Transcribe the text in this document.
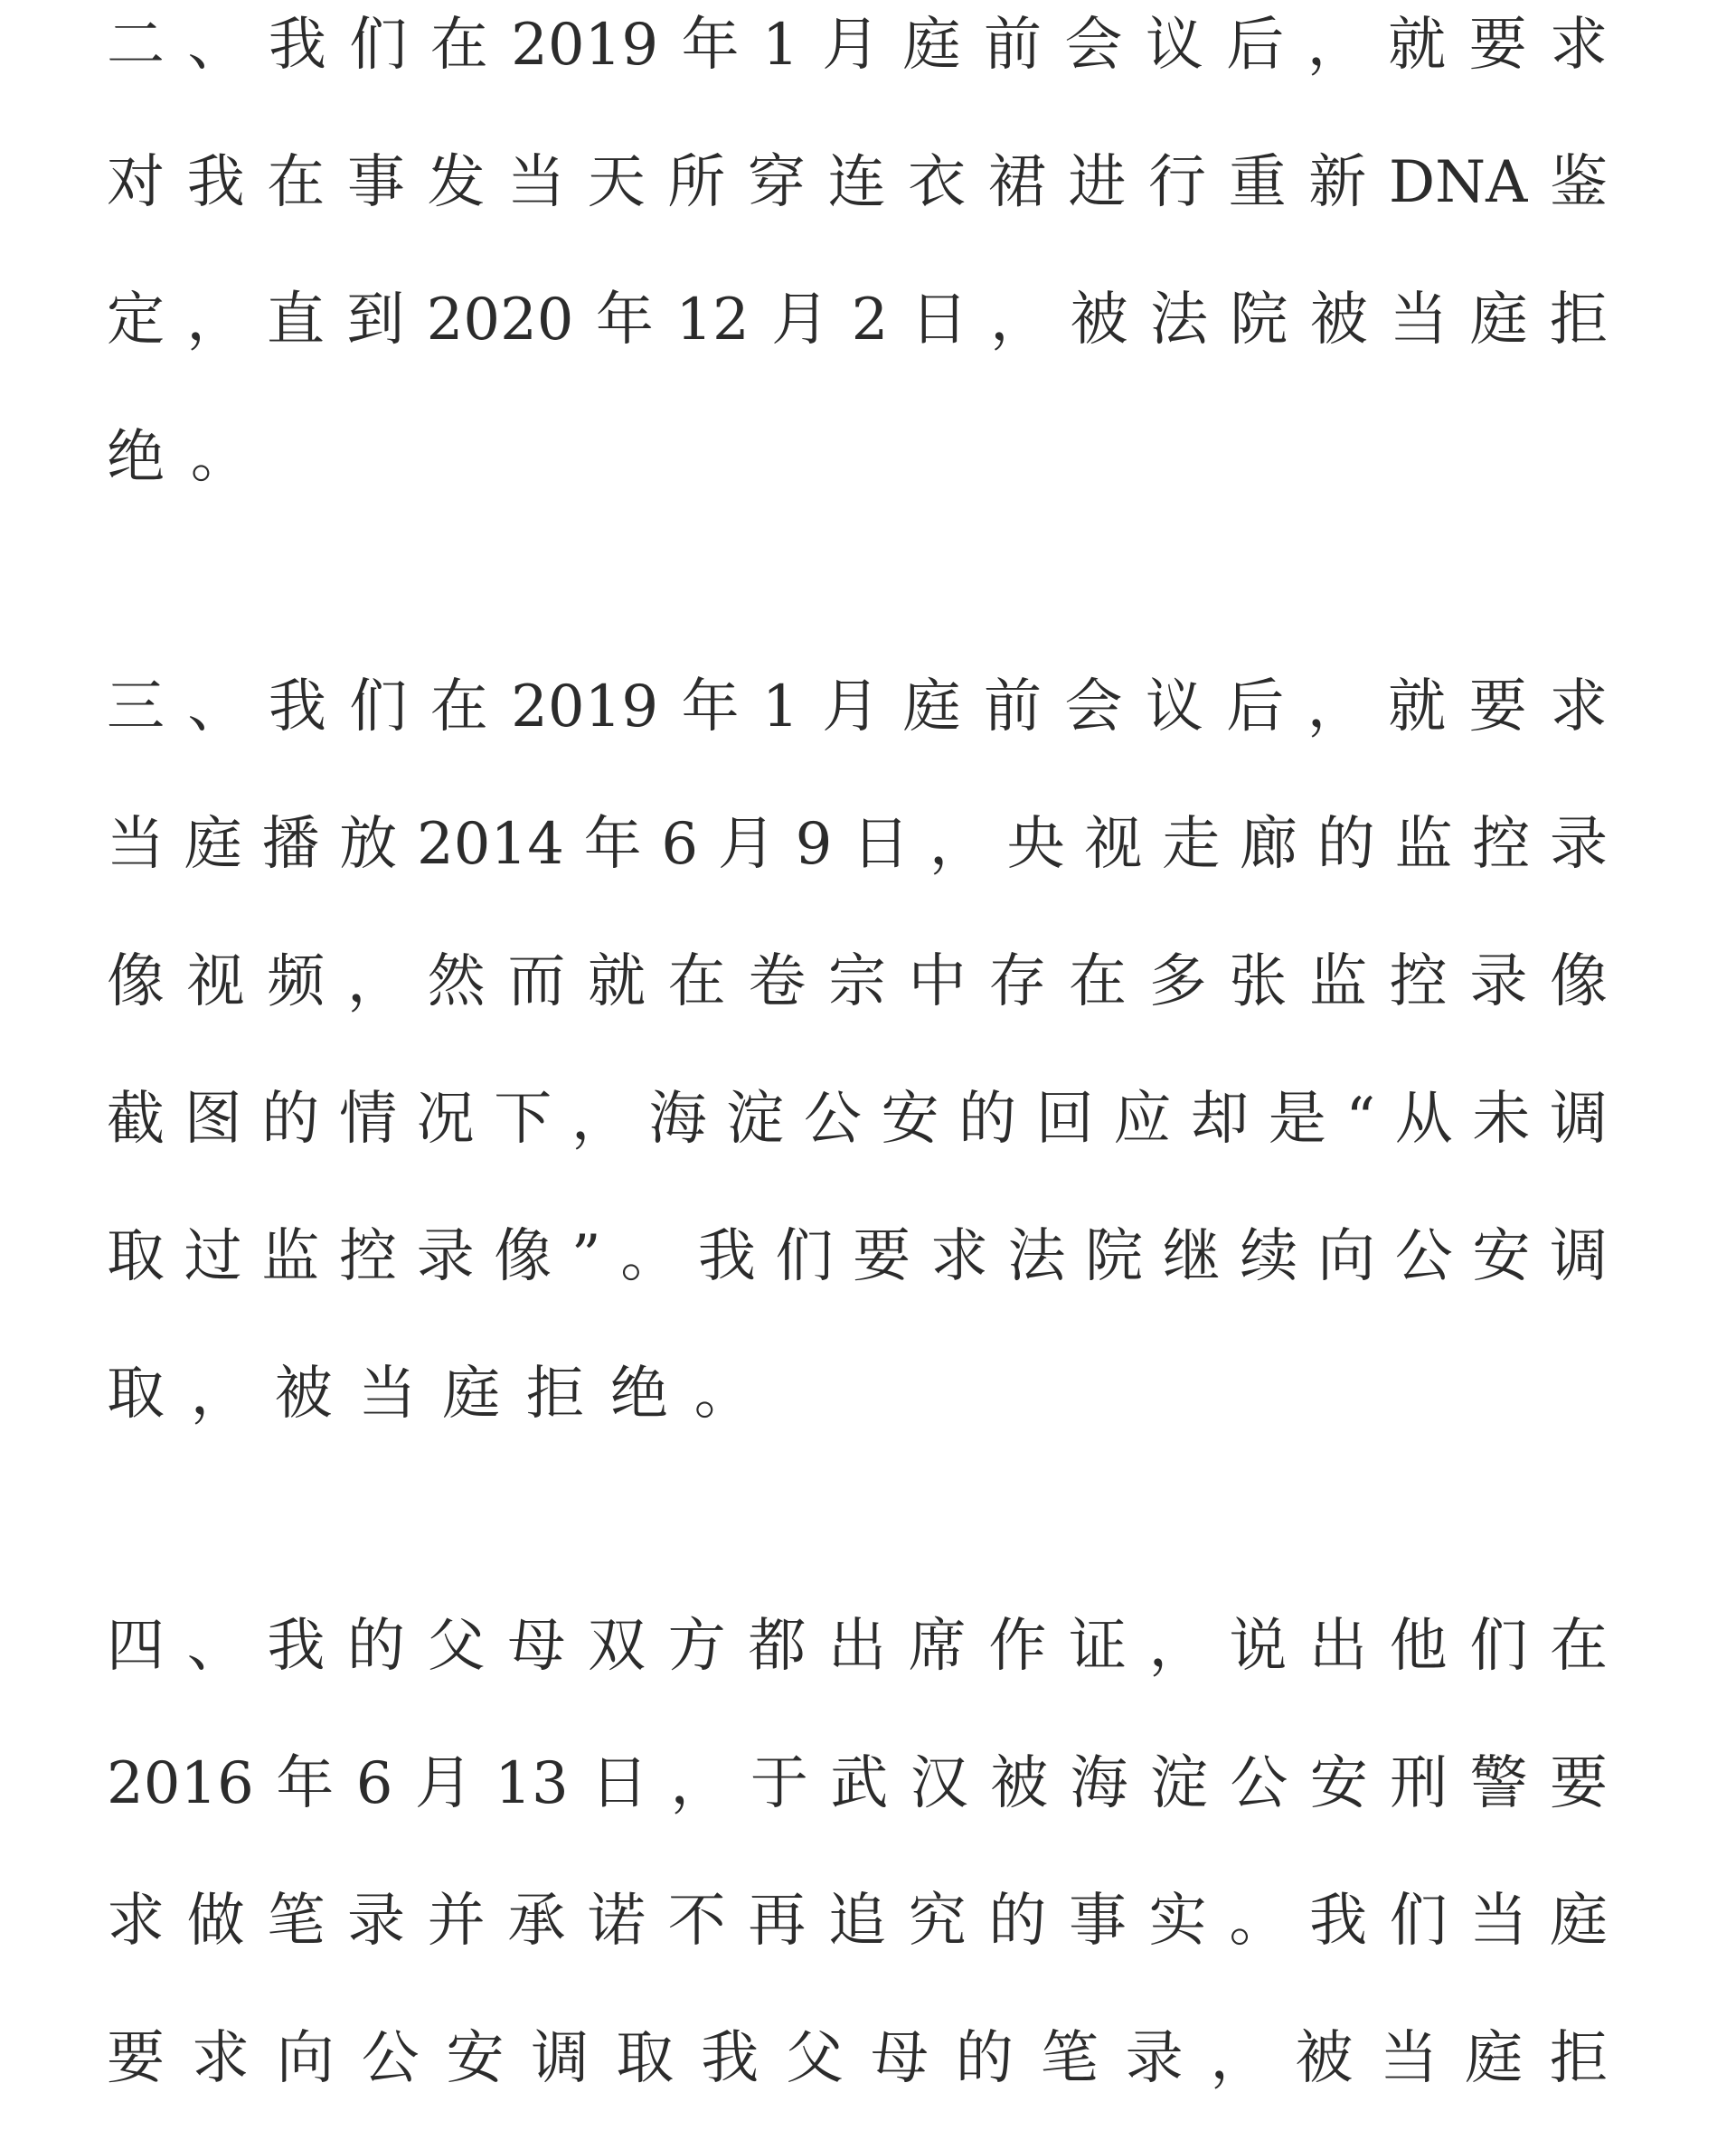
二、我们在2019年1月庭前会议后，就要求
对我在事发当天所穿连衣裙进行重新DNA鉴
定，直到2020年12月2日，被法院被当庭拒
绝。
三、我们在2019年1月庭前会议后，就要求
当庭播放2014年6月9日，央视走廊的监控录
像视频，然而就在卷宗中存在多张监控录像
截图的情况下，海淀公安的回应却是“从未调
取过监控录像”。我们要求法院继续向公安调
取，被当庭拒绝。
四、我的父母双方都出席作证，说出他们在
2016年6月13日，于武汉被海淀公安刑警要
求做笔录并承诺不再追究的事实。我们当庭
要求向公安调取我父母的笔录，被当庭拒
